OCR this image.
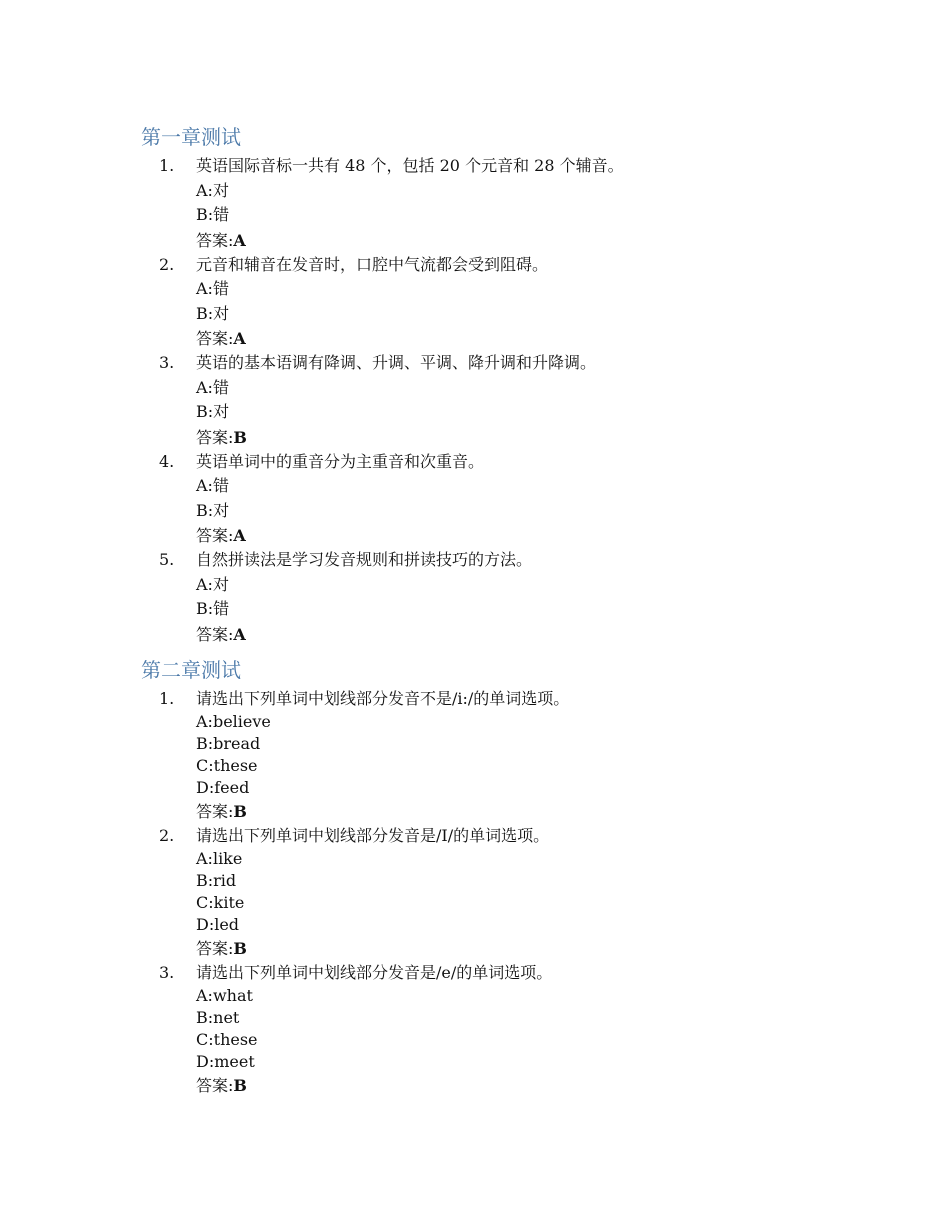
第一章测试
1. 英语国际音标一共有 48 个，包括 20 个元音和 28 个辅音。
A:对
B:错
答案:A
2. 元音和辅音在发音时，口腔中气流都会受到阻碍。
A:错
B:对
答案:A
3. 英语的基本语调有降调、升调、平调、降升调和升降调。
A:错
B:对
答案:B
4. 英语单词中的重音分为主重音和次重音。
A:错
B:对
答案:A
5. 自然拼读法是学习发音规则和拼读技巧的方法。
A:对
B:错
答案:A
第二章测试
1. 请选出下列单词中划线部分发音不是/i:/的单词选项。
A:believe
B:bread
C:these
D:feed
答案:B
2. 请选出下列单词中划线部分发音是/I/的单词选项。
A:like
B:rid
C:kite
D:led
答案:B
3. 请选出下列单词中划线部分发音是/e/的单词选项。
A:what
B:net
C:these
D:meet
答案:B
